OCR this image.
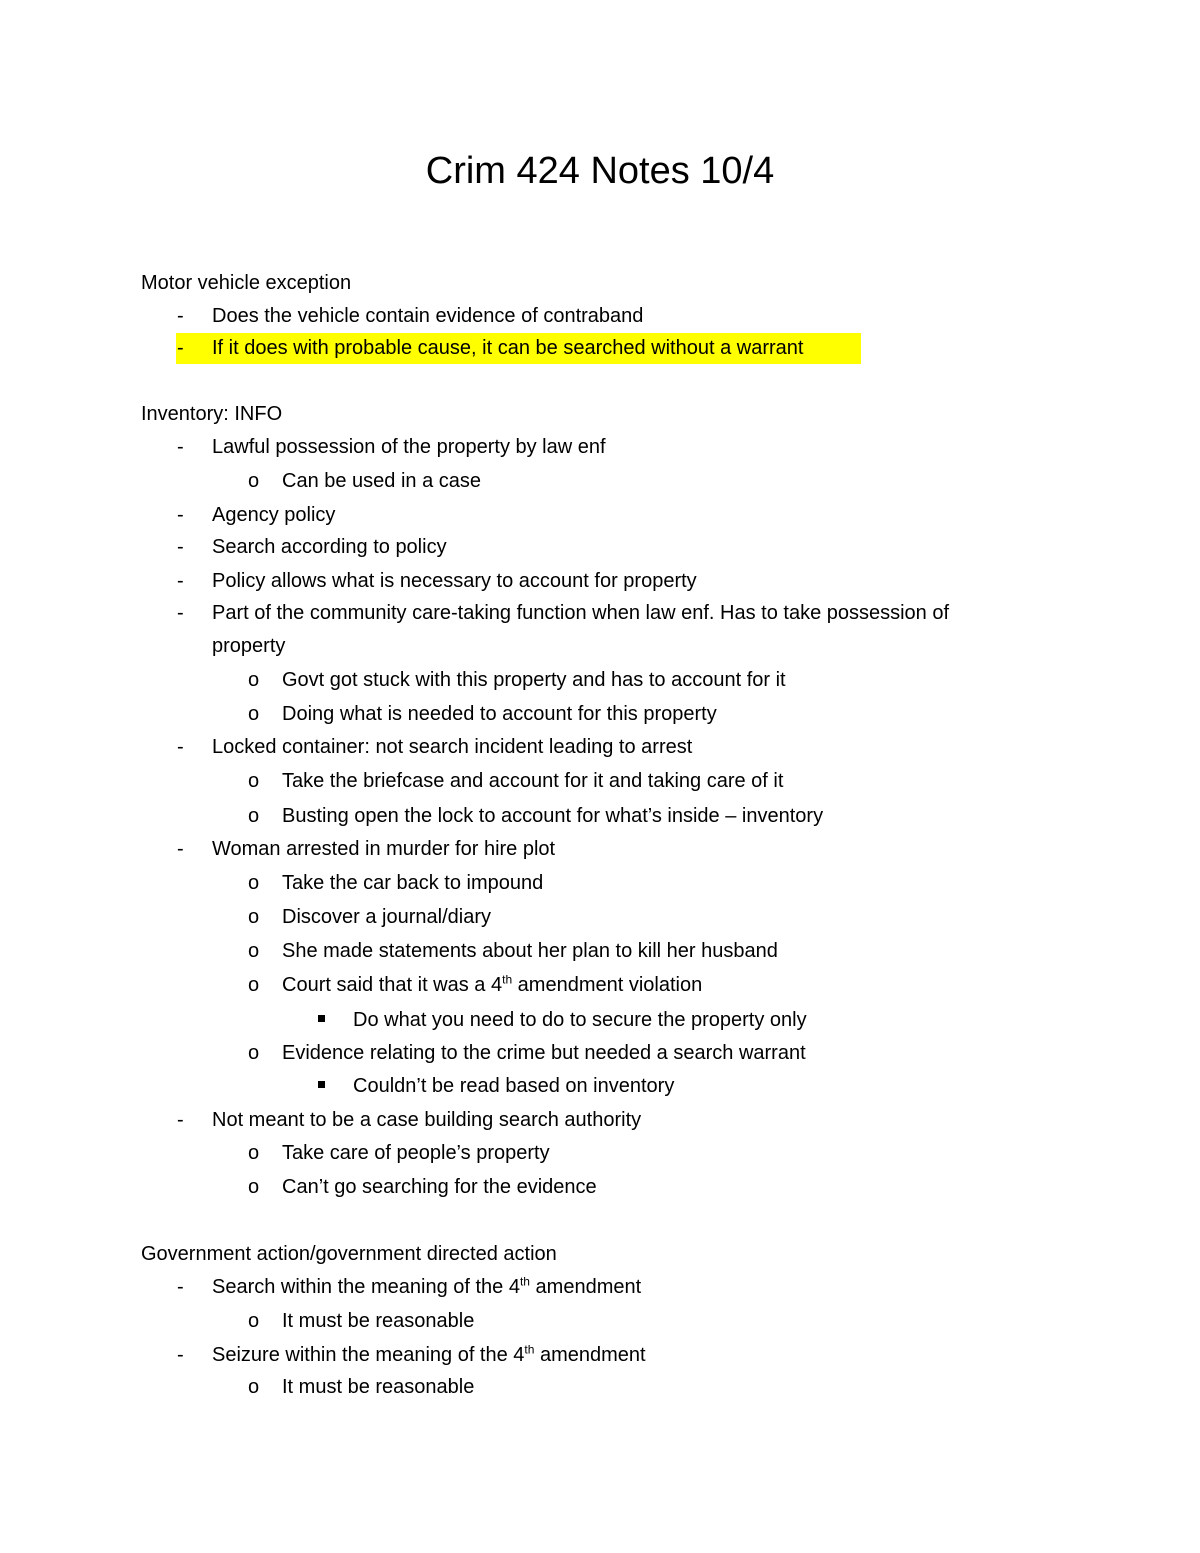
Crim 424 Notes 10/4
Motor vehicle exception
- Does the vehicle contain evidence of contraband
- If it does with probable cause, it can be searched without a warrant
Inventory: INFO
- Lawful possession of the property by law enf
o Can be used in a case
- Agency policy
- Search according to policy
- Policy allows what is necessary to account for property
- Part of the community care-taking function when law enf. Has to take possession of
property
o Govt got stuck with this property and has to account for it
o Doing what is needed to account for this property
- Locked container: not search incident leading to arrest
o Take the briefcase and account for it and taking care of it
o Busting open the lock to account for what’s inside – inventory
- Woman arrested in murder for hire plot
o Take the car back to impound
o Discover a journal/diary
o She made statements about her plan to kill her husband
o Court said that it was a 4th amendment violation
Do what you need to do to secure the property only
o Evidence relating to the crime but needed a search warrant
Couldn’t be read based on inventory
- Not meant to be a case building search authority
o Take care of people’s property
o Can’t go searching for the evidence
Government action/government directed action
- Search within the meaning of the 4th amendment
o It must be reasonable
- Seizure within the meaning of the 4th amendment
o It must be reasonable
